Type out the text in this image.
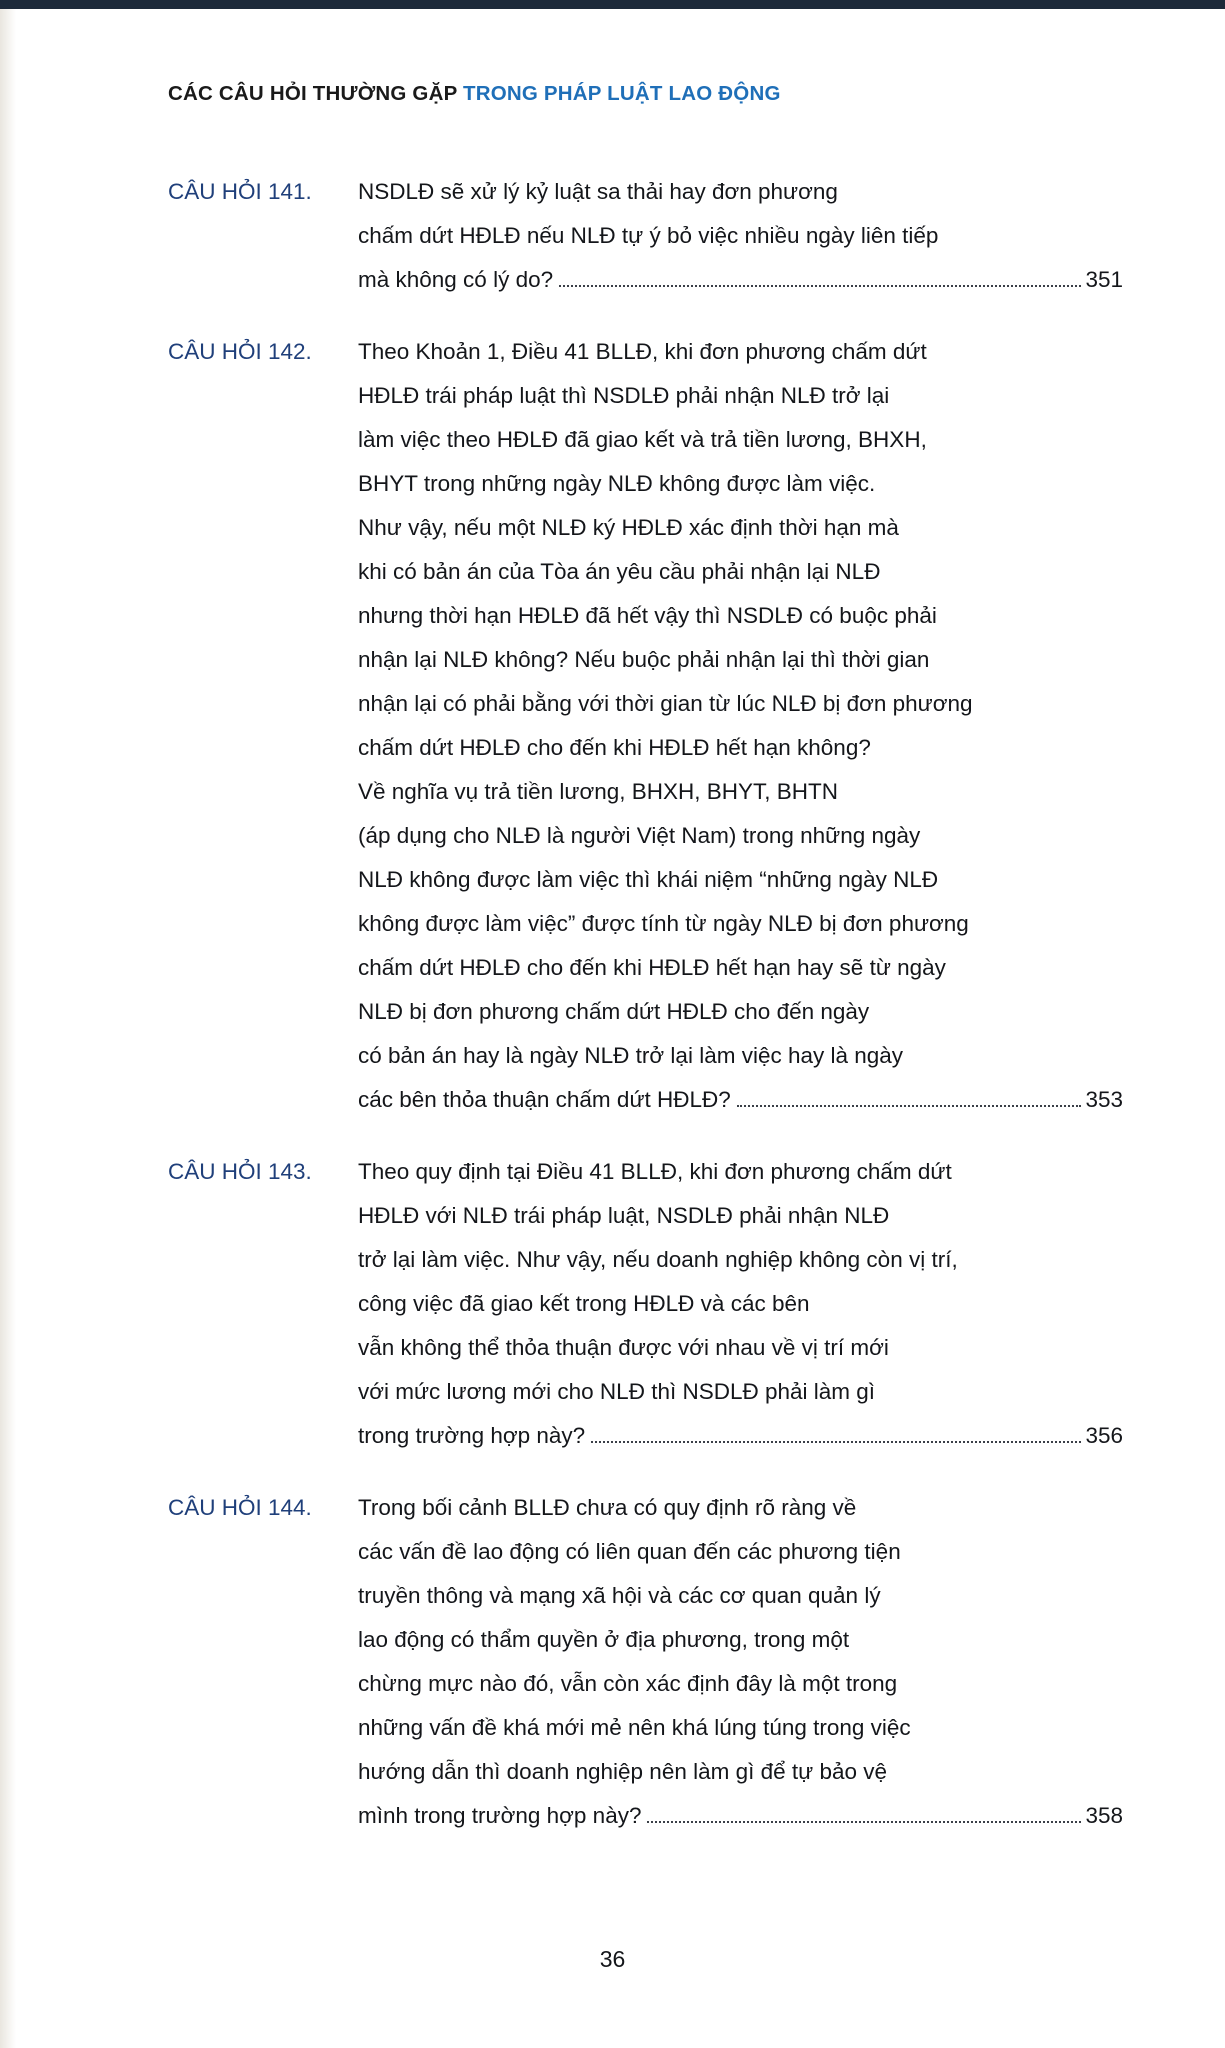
CÁC CÂU HỎI THƯỜNG GẶP TRONG PHÁP LUẬT LAO ĐỘNG
CÂU HỎI 141.	NSDLĐ sẽ xử lý kỷ luật sa thải hay đơn phương
chấm dứt HĐLĐ nếu NLĐ tự ý bỏ việc nhiều ngày liên tiếp
mà không có lý do?	351
CÂU HỎI 142.	Theo Khoản 1, Điều 41 BLLĐ, khi đơn phương chấm dứt
HĐLĐ trái pháp luật thì NSDLĐ phải nhận NLĐ trở lại
làm việc theo HĐLĐ đã giao kết và trả tiền lương, BHXH,
BHYT trong những ngày NLĐ không được làm việc.
Như vậy, nếu một NLĐ ký HĐLĐ xác định thời hạn mà
khi có bản án của Tòa án yêu cầu phải nhận lại NLĐ
nhưng thời hạn HĐLĐ đã hết vậy thì NSDLĐ có buộc phải
nhận lại NLĐ không? Nếu buộc phải nhận lại thì thời gian
nhận lại có phải bằng với thời gian từ lúc NLĐ bị đơn phương
chấm dứt HĐLĐ cho đến khi HĐLĐ hết hạn không?
Về nghĩa vụ trả tiền lương, BHXH, BHYT, BHTN
(áp dụng cho NLĐ là người Việt Nam) trong những ngày
NLĐ không được làm việc thì khái niệm “những ngày NLĐ
không được làm việc” được tính từ ngày NLĐ bị đơn phương
chấm dứt HĐLĐ cho đến khi HĐLĐ hết hạn hay sẽ từ ngày
NLĐ bị đơn phương chấm dứt HĐLĐ cho đến ngày
có bản án hay là ngày NLĐ trở lại làm việc hay là ngày
các bên thỏa thuận chấm dứt HĐLĐ?	353
CÂU HỎI 143.	Theo quy định tại Điều 41 BLLĐ, khi đơn phương chấm dứt
HĐLĐ với NLĐ trái pháp luật, NSDLĐ phải nhận NLĐ
trở lại làm việc. Như vậy, nếu doanh nghiệp không còn vị trí,
công việc đã giao kết trong HĐLĐ và các bên
vẫn không thể thỏa thuận được với nhau về vị trí mới
với mức lương mới cho NLĐ thì NSDLĐ phải làm gì
trong trường hợp này?	356
CÂU HỎI 144.	Trong bối cảnh BLLĐ chưa có quy định rõ ràng về
các vấn đề lao động có liên quan đến các phương tiện
truyền thông và mạng xã hội và các cơ quan quản lý
lao động có thẩm quyền ở địa phương, trong một
chừng mực nào đó, vẫn còn xác định đây là một trong
những vấn đề khá mới mẻ nên khá lúng túng trong việc
hướng dẫn thì doanh nghiệp nên làm gì để tự bảo vệ
mình trong trường hợp này?	358
36
